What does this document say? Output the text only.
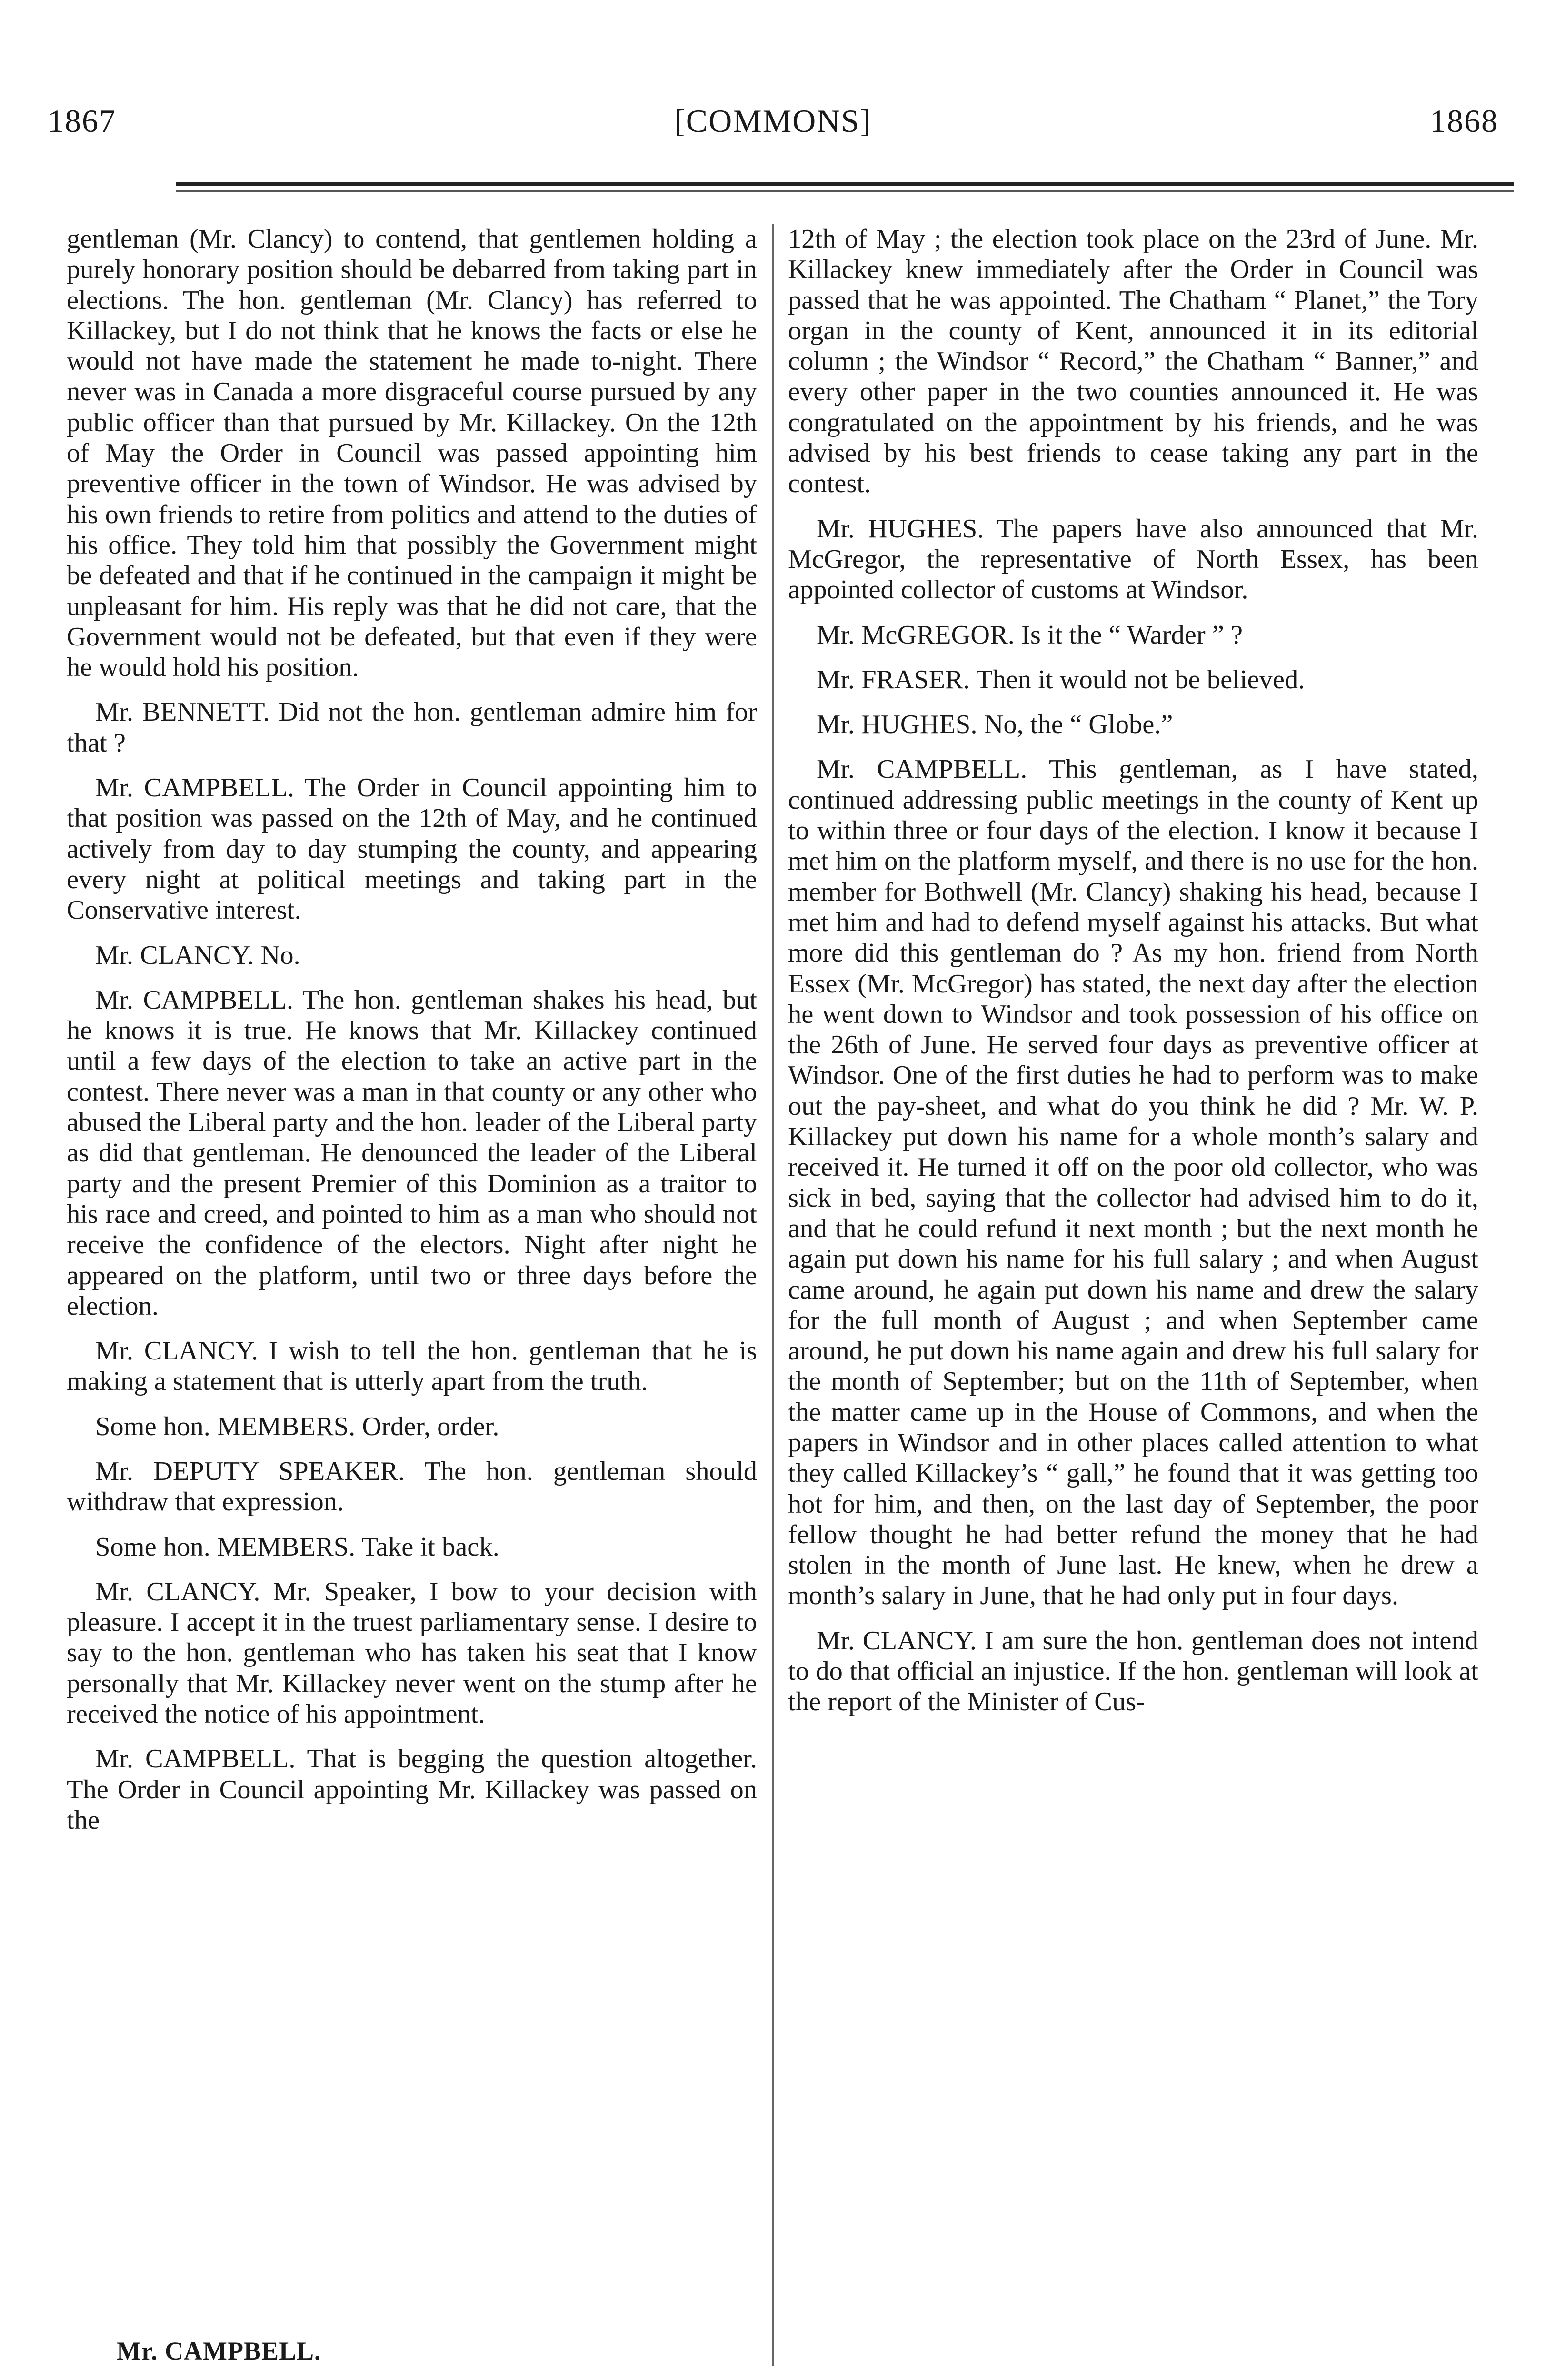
1867	[COMMONS]	1868

gentleman (Mr. Clancy) to contend, that gentlemen holding a purely honorary position should be debarred from taking part in elections. The hon. gentleman (Mr. Clancy) has referred to Killackey, but I do not think that he knows the facts or else he would not have made the statement he made to-night. There never was in Canada a more disgraceful course pursued by any public officer than that pursued by Mr. Killackey. On the 12th of May the Order in Council was passed appointing him preventive officer in the town of Windsor. He was advised by his own friends to retire from politics and attend to the duties of his office. They told him that possibly the Government might be defeated and that if he continued in the campaign it might be unpleasant for him. His reply was that he did not care, that the Government would not be defeated, but that even if they were he would hold his position.

Mr. BENNETT. Did not the hon. gentleman admire him for that ?

Mr. CAMPBELL. The Order in Council appointing him to that position was passed on the 12th of May, and he continued actively from day to day stumping the county, and appearing every night at political meetings and taking part in the Conservative interest.

Mr. CLANCY. No.

Mr. CAMPBELL. The hon. gentleman shakes his head, but he knows it is true. He knows that Mr. Killackey continued until a few days of the election to take an active part in the contest. There never was a man in that county or any other who abused the Liberal party and the hon. leader of the Liberal party as did that gentleman. He denounced the leader of the Liberal party and the present Premier of this Dominion as a traitor to his race and creed, and pointed to him as a man who should not receive the confidence of the electors. Night after night he appeared on the platform, until two or three days before the election.

Mr. CLANCY. I wish to tell the hon. gentleman that he is making a statement that is utterly apart from the truth.

Some hon. MEMBERS. Order, order.

Mr. DEPUTY SPEAKER. The hon. gentleman should withdraw that expression.

Some hon. MEMBERS. Take it back.

Mr. CLANCY. Mr. Speaker, I bow to your decision with pleasure. I accept it in the truest parliamentary sense. I desire to say to the hon. gentleman who has taken his seat that I know personally that Mr. Killackey never went on the stump after he received the notice of his appointment.

Mr. CAMPBELL. That is begging the question altogether. The Order in Council appointing Mr. Killackey was passed on the

12th of May ; the election took place on the 23rd of June. Mr. Killackey knew immediately after the Order in Council was passed that he was appointed. The Chatham “ Planet,” the Tory organ in the county of Kent, announced it in its editorial column ; the Windsor “ Record,” the Chatham “ Banner,” and every other paper in the two counties announced it. He was congratulated on the appointment by his friends, and he was advised by his best friends to cease taking any part in the contest.

Mr. HUGHES. The papers have also announced that Mr. McGregor, the representative of North Essex, has been appointed collector of customs at Windsor.

Mr. McGREGOR. Is it the “ Warder ” ?

Mr. FRASER. Then it would not be believed.

Mr. HUGHES. No, the “ Globe.”

Mr. CAMPBELL. This gentleman, as I have stated, continued addressing public meetings in the county of Kent up to within three or four days of the election. I know it because I met him on the platform myself, and there is no use for the hon. member for Bothwell (Mr. Clancy) shaking his head, because I met him and had to defend myself against his attacks. But what more did this gentleman do ? As my hon. friend from North Essex (Mr. McGregor) has stated, the next day after the election he went down to Windsor and took possession of his office on the 26th of June. He served four days as preventive officer at Windsor. One of the first duties he had to perform was to make out the pay-sheet, and what do you think he did ? Mr. W. P. Killackey put down his name for a whole month’s salary and received it. He turned it off on the poor old collector, who was sick in bed, saying that the collector had advised him to do it, and that he could refund it next month ; but the next month he again put down his name for his full salary ; and when August came around, he again put down his name and drew the salary for the full month of August ; and when September came around, he put down his name again and drew his full salary for the month of September; but on the 11th of September, when the matter came up in the House of Commons, and when the papers in Windsor and in other places called attention to what they called Killackey’s “ gall,” he found that it was getting too hot for him, and then, on the last day of September, the poor fellow thought he had better refund the money that he had stolen in the month of June last. He knew, when he drew a month’s salary in June, that he had only put in four days.

Mr. CLANCY. I am sure the hon. gentleman does not intend to do that official an injustice. If the hon. gentleman will look at the report of the Minister of Cus-

Mr. CAMPBELL.
